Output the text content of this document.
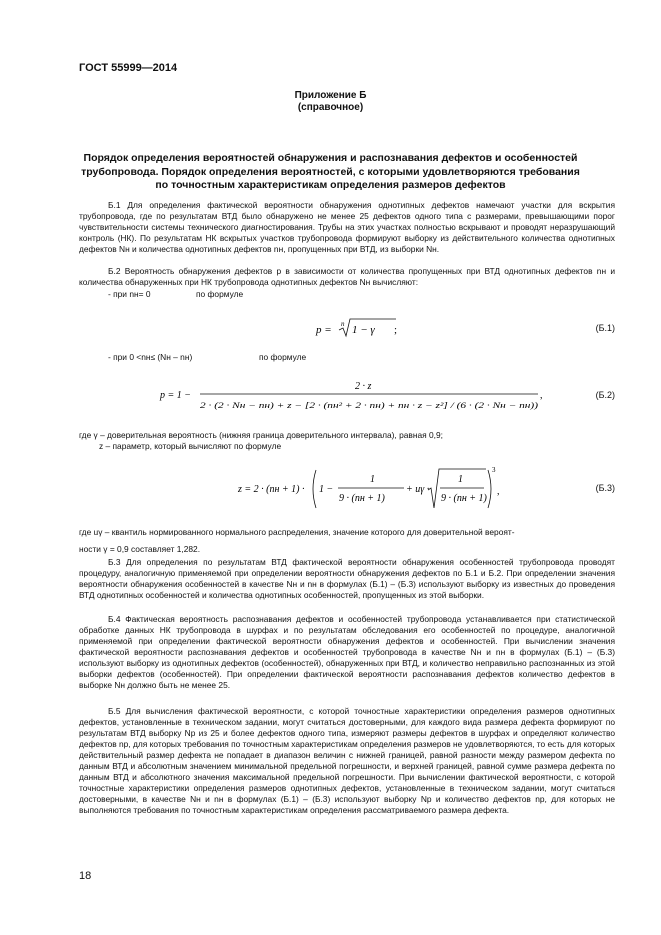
ГОСТ 55999—2014
Приложение Б
(справочное)
Порядок определения вероятностей обнаружения и распознавания дефектов и особенностей
трубопровода. Порядок определения вероятностей, с которыми удовлетворяются требования
по точностным характеристикам определения размеров дефектов
Б.1 Для определения фактической вероятности обнаружения однотипных дефектов намечают участки для вскрытия трубопровода, где по результатам ВТД было обнаружено не менее 25 дефектов одного типа с размерами, превышающими порог чувствительности системы технического диагностирования. Трубы на этих участках полностью вскрывают и проводят неразрушающий контроль (НК). По результатам НК вскрытых участков трубопровода формируют выборку из действительного количества однотипных дефектов Nн и количества однотипных дефектов nн, пропущенных при ВТД, из выборки Nн.
Б.2 Вероятность обнаружения дефектов p в зависимости от количества пропущенных при ВТД однотипных дефектов nн и количества обнаруженных при НК трубопровода однотипных дефектов Nн вычисляют:
- при nн= 0	по формуле
p = n 1 − γ ;	(Б.1)
- при 0 <nн≤ (Nн – nн)	по формуле
p = 1 −
2 · z
2 · (2 · Nн − nн) + z − [2 · (nн² + 2 · nн) + nн · z − z²] / (6 · (2 · Nн − nн))
,	(Б.2)
где γ – доверительная вероятность (нижняя граница доверительного интервала), равная 0,9;
z – параметр, который вычисляют по формуле
z = 2 · (nн + 1) · 1 −
1
9 · (nн + 1)
+ uγ ·
1
9 · (nн + 1)
3
,	(Б.3)
где uγ – квантиль нормированного нормального распределения, значение которого для доверительной вероят-
ности γ = 0,9 составляет 1,282.
Б.3 Для определения по результатам ВТД фактической вероятности обнаружения особенностей трубопровода проводят процедуру, аналогичную применяемой при определении вероятности обнаружения дефектов по Б.1 и Б.2. При определении значения вероятности обнаружения особенностей в качестве Nн и nн в формулах (Б.1) – (Б.3) используют выборку из известных до проведения ВТД однотипных особенностей и количества однотипных особенностей, пропущенных из этой выборки.
Б.4 Фактическая вероятность распознавания дефектов и особенностей трубопровода устанавливается при статистической обработке данных НК трубопровода в шурфах и по результатам обследования его особенностей по процедуре, аналогичной применяемой при определении фактической вероятности обнаружения дефектов и особенностей. При вычислении значения фактической вероятности распознавания дефектов и особенностей трубопровода в качестве Nн и nн в формулах (Б.1) – (Б.3) используют выборку из однотипных дефектов (особенностей), обнаруженных при ВТД, и количество неправильно распознанных из этой выборки дефектов (особенностей). При определении фактической вероятности распознавания дефектов количество дефектов в выборке Nн должно быть не менее 25.
Б.5 Для вычисления фактической вероятности, с которой точностные характеристики определения размеров однотипных дефектов, установленные в техническом задании, могут считаться достоверными, для каждого вида размера дефекта формируют по результатам ВТД выборку Nр из 25 и более дефектов одного типа, измеряют размеры дефектов в шурфах и определяют количество дефектов nр, для которых требования по точностным характеристикам определения размеров не удовлетворяются, то есть для которых действительный размер дефекта не попадает в диапазон величин с нижней границей, равной разности между размером дефекта по данным ВТД и абсолютным значением минимальной предельной погрешности, и верхней границей, равной сумме размера дефекта по данным ВТД и абсолютного значения максимальной предельной погрешности. При вычислении фактической вероятности, с которой точностные характеристики определения размеров однотипных дефектов, установленные в техническом задании, могут считаться достоверными, в качестве Nн и nн в формулах (Б.1) – (Б.3) используют выборку Nр и количество дефектов nр, для которых не выполняются требования по точностным характеристикам определения рассматриваемого размера дефекта.
18
